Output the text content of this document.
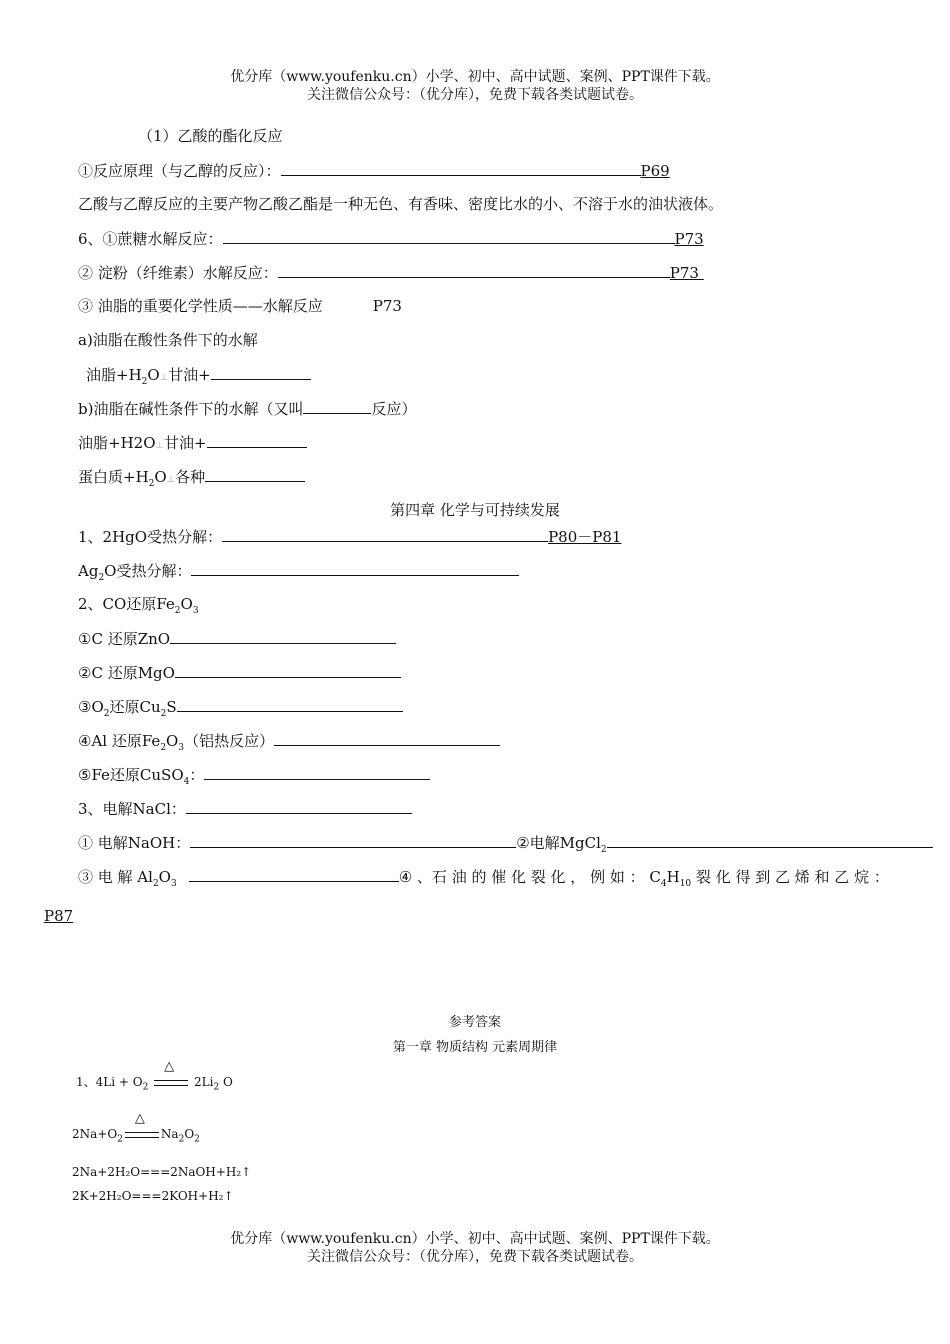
优分库（www.youfenku.cn）小学、初中、高中试题、案例、PPT课件下载。
关注微信公众号：（优分库），免费下载各类试题试卷。
（1）乙酸的酯化反应
①反应原理（与乙醇的反应）：	P69
乙酸与乙醇反应的主要产物乙酸乙酯是一种无色、有香味、密度比水的小、不溶于水的油状液体。
6、①蔗糖水解反应：	P73
② 淀粉（纤维素）水解反应：	P73
③ 油脂的重要化学性质——水解反应	P73
a)油脂在酸性条件下的水解
油脂$+H_2O\perp$甘油+
b)油脂在碱性条件下的水解（又叫	反应）
油脂+H2O⊥甘油+
蛋白质$+H_2O\perp$各种
第四章 化学与可持续发展
1、2HgO受热分解：	P80－P81
$Ag_2O$受热分解：
2、CO还原$Fe_2O_3$
①C 还原ZnO
②C 还原MgO
$③O_2$还原$Cu_2S$
④Al 还原$Fe_2O_3$（铝热反应）
⑤Fe还原CuSO$_4$：
3、电解NaCl：
① 电解NaOH：	②电解MgCl$_2$
③ 电 解 $Al_2O_3$	④ 、石 油 的 催 化 裂 化 ， 例 如 ： $C_4H_{10}$ 裂 化 得 到 乙 烯 和 乙 烷 ：
P87
参考答案
第一章 物质结构 元素周期律
1、$4Li + O_2$
△
$2Li_2$ O
$2Na+O_2$
△
$Na_2O_2$
2Na+2H₂O===2NaOH+H₂↑
2K+2H₂O===2KOH+H₂↑
优分库（www.youfenku.cn）小学、初中、高中试题、案例、PPT课件下载。
关注微信公众号：（优分库），免费下载各类试题试卷。
